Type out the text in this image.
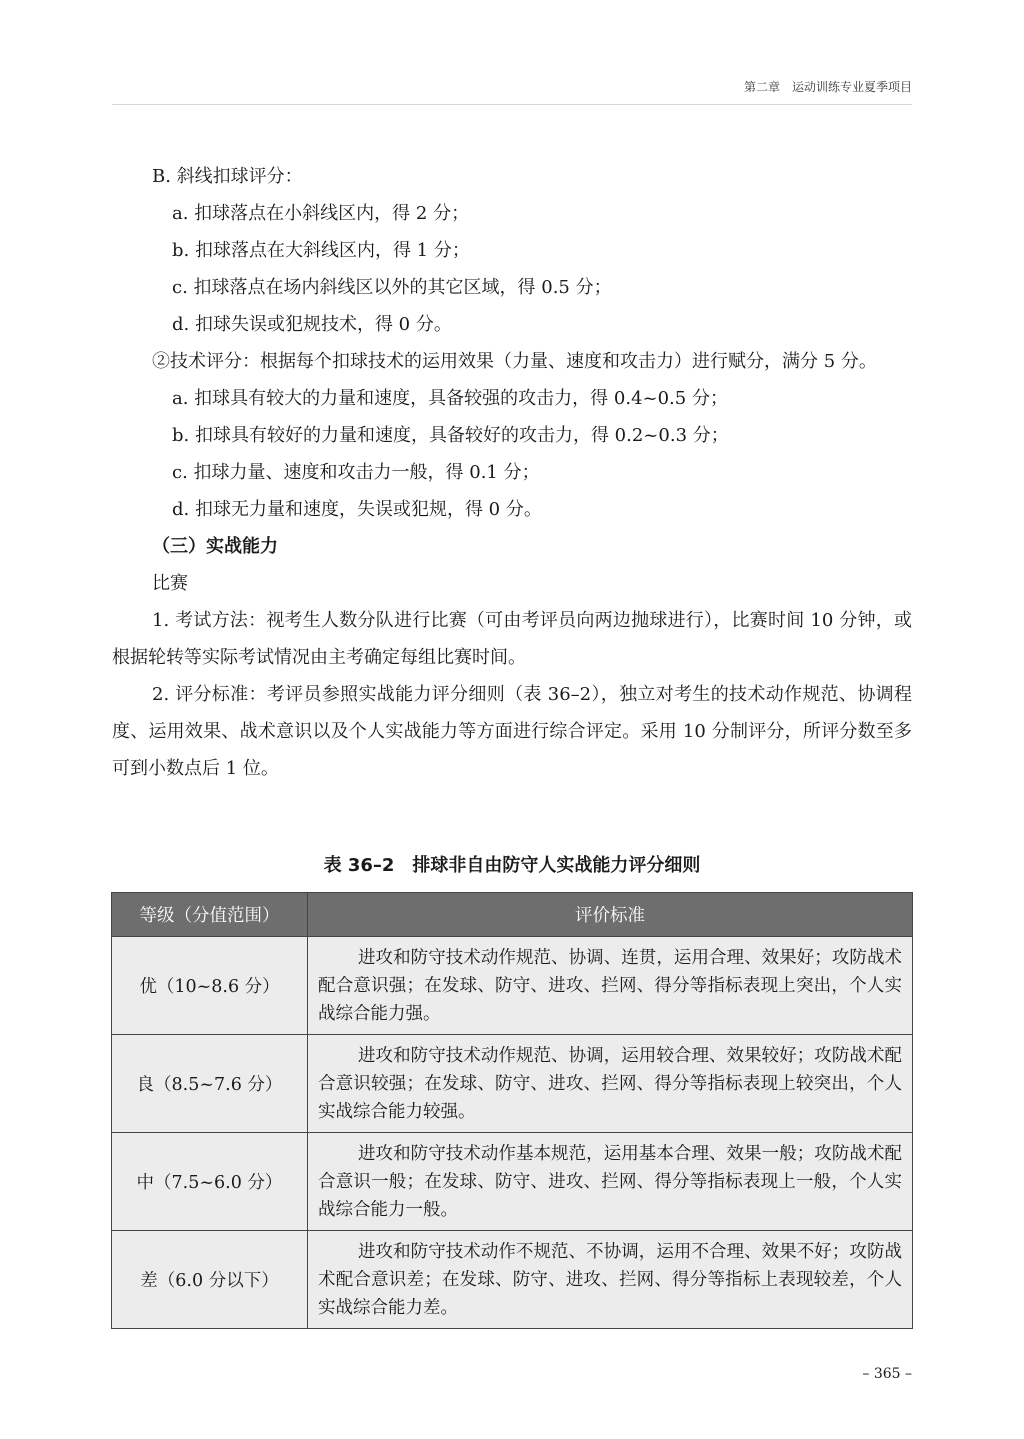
第二章　运动训练专业夏季项目

B. 斜线扣球评分：

a. 扣球落点在小斜线区内，得 2 分；

b. 扣球落点在大斜线区内，得 1 分；

c. 扣球落点在场内斜线区以外的其它区域，得 0.5 分；

d. 扣球失误或犯规技术，得 0 分。

②技术评分：根据每个扣球技术的运用效果（力量、速度和攻击力）进行赋分，满分 5 分。

a. 扣球具有较大的力量和速度，具备较强的攻击力，得 0.4~0.5 分；

b. 扣球具有较好的力量和速度，具备较好的攻击力，得 0.2~0.3 分；

c. 扣球力量、速度和攻击力一般，得 0.1 分；

d. 扣球无力量和速度，失误或犯规，得 0 分。

（三）实战能力

比赛

1. 考试方法：视考生人数分队进行比赛（可由考评员向两边抛球进行），比赛时间 10 分钟，或根据轮转等实际考试情况由主考确定每组比赛时间。

2. 评分标准：考评员参照实战能力评分细则（表 36–2），独立对考生的技术动作规范、协调程度、运用效果、战术意识以及个人实战能力等方面进行综合评定。采用 10 分制评分，所评分数至多可到小数点后 1 位。

表 36–2　排球非自由防守人实战能力评分细则
等级（分值范围）	评价标准
优（10~8.6 分）	进攻和防守技术动作规范、协调、连贯，运用合理、效果好；攻防战术配合意识强；在发球、防守、进攻、拦网、得分等指标表现上突出，个人实战综合能力强。
良（8.5~7.6 分）	进攻和防守技术动作规范、协调，运用较合理、效果较好；攻防战术配合意识较强；在发球、防守、进攻、拦网、得分等指标表现上较突出，个人实战综合能力较强。
中（7.5~6.0 分）	进攻和防守技术动作基本规范，运用基本合理、效果一般；攻防战术配合意识一般；在发球、防守、进攻、拦网、得分等指标表现上一般，个人实战综合能力一般。
差（6.0 分以下）	进攻和防守技术动作不规范、不协调，运用不合理、效果不好；攻防战术配合意识差；在发球、防守、进攻、拦网、得分等指标上表现较差，个人实战综合能力差。
– 365 –
